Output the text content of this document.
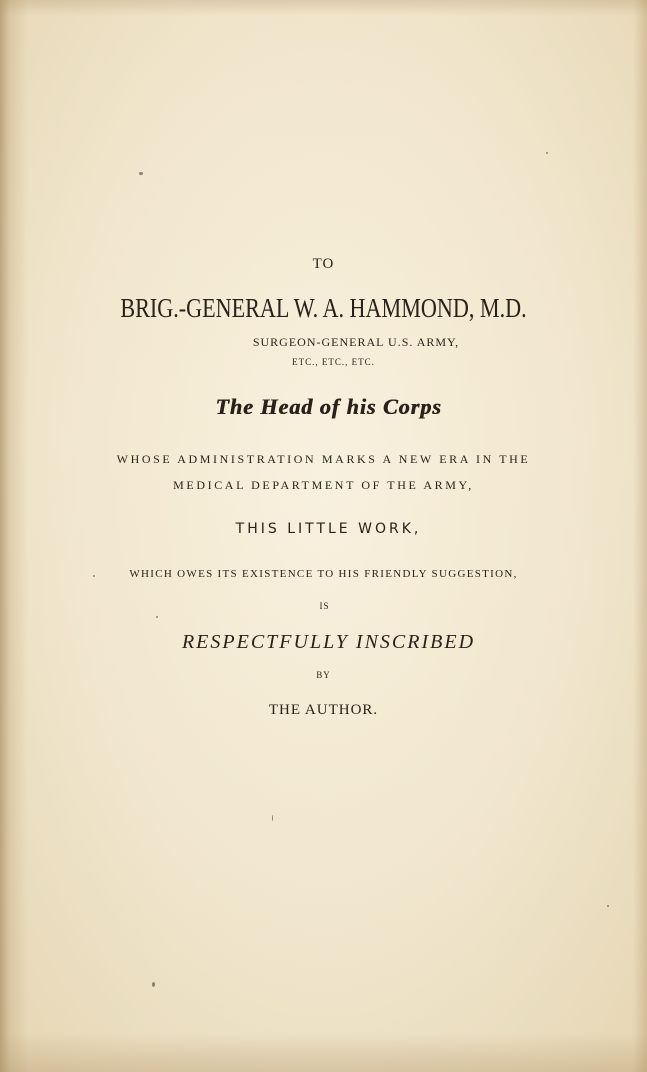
TO
BRIG.-GENERAL W. A. HAMMOND, M.D.
SURGEON-GENERAL U.S. ARMY,
ETC., ETC., ETC.
The Head of his Corps
WHOSE ADMINISTRATION MARKS A NEW ERA IN THE
MEDICAL DEPARTMENT OF THE ARMY,
THIS LITTLE WORK,
WHICH OWES ITS EXISTENCE TO HIS FRIENDLY SUGGESTION,
IS
RESPECTFULLY INSCRIBED
BY
THE AUTHOR.
